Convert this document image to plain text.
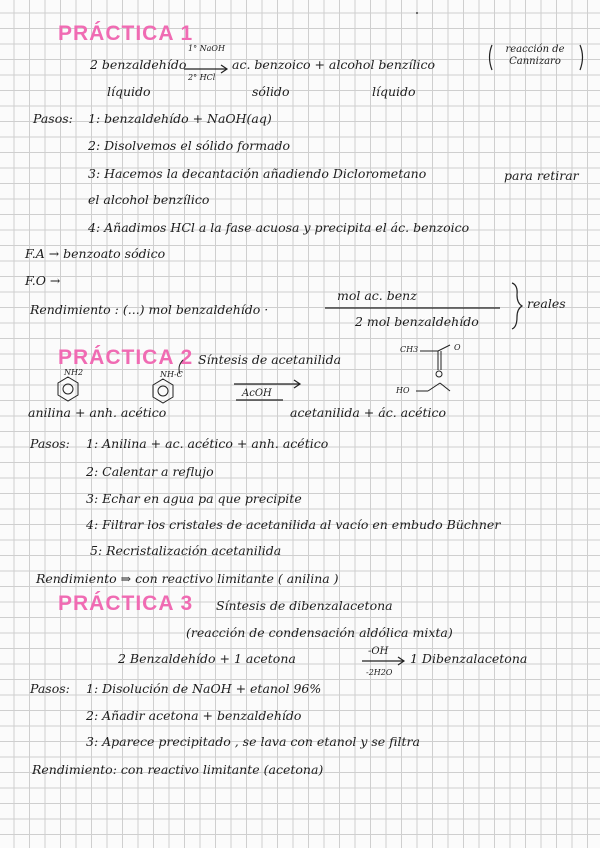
PRÁCTICA 1
1° NaOH
2 benzaldehído
2° HCl
ac. benzoico + alcohol benzílico
reacción de Cannizaro
líquido	sólido	líquido
Pasos: 1: benzaldehído + NaOH(aq)
2: Disolvemos el sólido formado
3: Hacemos la decantación añadiendo Diclorometano	para retirar
el alcohol benzílico
4: Añadimos HCl a la fase acuosa y precipita el ác. benzoico
F.A → benzoato sódico
F.O →
Rendimiento : (...) mol benzaldehído ·
mol ac. benz
2 mol benzaldehído
reales
PRÁCTICA 2 Síntesis de acetanilida
NH2	NH-C
CH3	O
HO
AcOH
anilina + anh. acético	acetanilida + ác. acético
Pasos: 1: Anilina + ac. acético + anh. acético
2: Calentar a reflujo
3: Echar en agua pa que precipite
4: Filtrar los cristales de acetanilida al vacío en embudo Büchner
5: Recristalización acetanilida
Rendimiento ⇒ con reactivo limitante ( anilina )
PRÁCTICA 3 Síntesis de dibenzalacetona
(reacción de condensación aldólica mixta)
2 Benzaldehído + 1 acetona	-OH
-2H2O
1 Dibenzalacetona
Pasos: 1: Disolución de NaOH + etanol 96%
2: Añadir acetona + benzaldehído
3: Aparece precipitado , se lava con etanol y se filtra
Rendimiento: con reactivo limitante (acetona)
